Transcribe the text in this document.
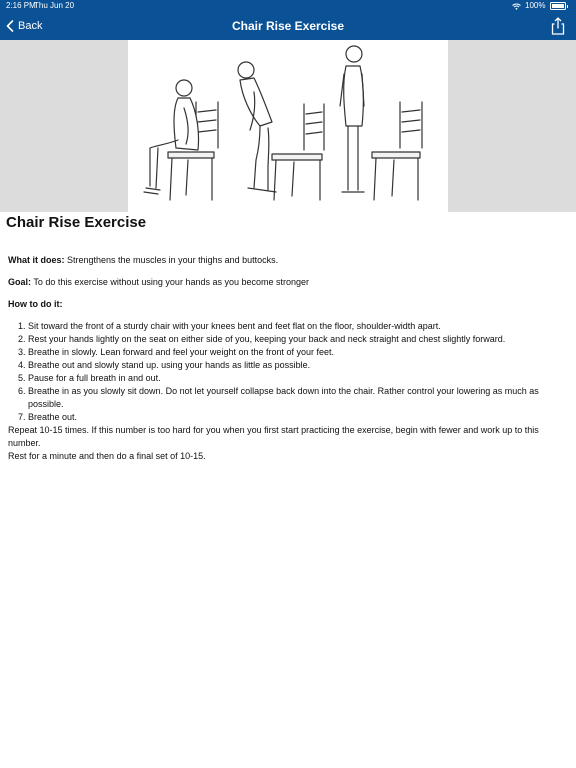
2:16 PM
Thu Jun 20	100%
Back	Chair Rise Exercise
Chair Rise Exercise

What it does: Strengthens the muscles in your thighs and buttocks.

Goal: To do this exercise without using your hands as you become stronger

How to do it:

1. Sit toward the front of a sturdy chair with your knees bent and feet flat on the floor, shoulder-width apart.
2. Rest your hands lightly on the seat on either side of you, keeping your back and neck straight and chest slightly forward.
3. Breathe in slowly. Lean forward and feel your weight on the front of your feet.
4. Breathe out and slowly stand up. using your hands as little as possible.
5. Pause for a full breath in and out.
6. Breathe in as you slowly sit down. Do not let yourself collapse back down into the chair. Rather control your lowering as much as possible.
7. Breathe out.
Repeat 10-15 times. If this number is too hard for you when you first start practicing the exercise, begin with fewer and work up to this number.
Rest for a minute and then do a final set of 10-15.
